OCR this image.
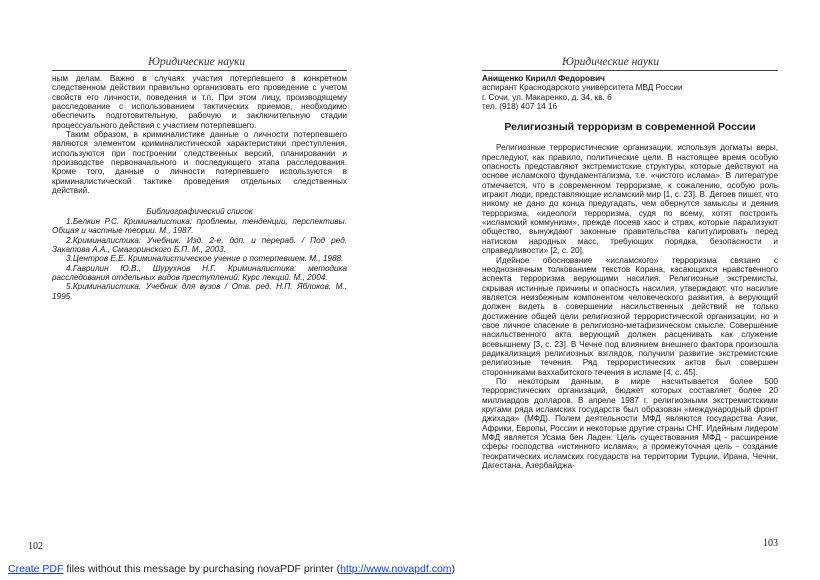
Юридические науки

ным делам. Важно в случаях участия потерпевшего в конкретном следственном действии правильно организовать его проведение с учетом свойств его личности, поведения и т.п. При этом лицу, производящему расследование с использованием тактических приемов, необходимо обеспечить подготовительную, рабочую и заключительную стадии процессуального действия с участием потерпевшего.

Таким образом, в криминалистике данные о личности потерпевшего являются элементом криминалистической характеристики преступления, используются при построении следственных версий, планировании и производстве первоначального и последующего этапа расследования. Кроме того, данные о личности потерпевшего используются в криминалистической тактике проведения отдельных следственных действий.

Библиографический список

1.Белкин Р.С. Криминалистика: проблемы, тенденции, перспективы. Общая и частные теории. М., 1987.

2.Криминалистика: Учебник. Изд. 2-е, доп. и перераб. / Под ред. Закатова А.А., Смагоринского Б.П. М., 2003.

3.Центров Е.Е. Криминалистическое учение о потерпевшем. М., 1988.

4.Гаврилин Ю.В., Шурухнов Н.Г. Криминалистика: методика расследования отдельных видов преступлений: Курс лекций. М., 2004.

5.Криминалистика. Учебник для вузов / Отв. ред. Н.П. Яблоков. М., 1995.

102
Юридические науки

Анищенко Кирилл Федорович

аспирант Краснодарского университета МВД России

г. Сочи, ул. Макаренко, д. 34, кв. 6

тел. (918) 407 14 16

Религиозный терроризм в современной России

Религиозные террористические организации, используя догматы веры, преследуют, как правило, политические цели. В настоящее время особую опасность представляют экстремистские структуры, которые действуют на основе исламского фундаментализма, т.е. «чистого ислама». В литературе отмечается, что в современном терроризме, к сожалению, особую роль играют люди, представляющие исламский мир [1, с. 23]. В. Дегоев пишет, что никому не дано до конца предугадать, чем обернутся замыслы и деяния терроризма, «идеологи терроризма, судя по всему, хотят построить «исламский коммунизм», прежде посеяв хаос и страх, которые парализуют общество, вынуждают законные правительства капитулировать перед натиском народных масс, требующих порядка, безопасности и справедливости» [2, с. 20].

Идейное обоснование «исламского» терроризма связано с неоднозначным толкованием текстов Корана, касающихся нравственного аспекта терроризма верующими насилия. Религиозные экстремисты, скрывая истинные причины и опасность насилия, утверждают, что насилие является неизбежным компонентом человеческого развития, а верующий должен видеть в совершении насильственных действий не только достижение общей цели религиозной террористической организации, но и свое личное спасение в религиозно-метафизическом смысле. Совершение насильственного акта верующий должен расценивать как служение всевышнему [3, с. 23]. В Чечне под влиянием внешнего фактора произошла радикализация религиозных взглядов, получили развитие экстремистские религиозные течения. Ряд террористических актов был совершен сторонниками ваххабитского течения в исламе [4, с. 45].

По некоторым данным, в мире насчитывается более 500 террористических организаций, бюджет которых составляет более 20 миллиардов долларов. В апреле 1987 г. религиозными экстремистскими кругами ряда исламских государств был образован «международный фронт джихада» (МФД). Полем деятельности МФД являются государства Азии, Африки, Европы, России и некоторые другие страны СНГ. Идейным лидером МФД является Усама бен Ладен. Цель существования МФД - расширение сферы господства «истинного ислама», а промежуточная цель - создание теократических исламских государств на территории Турции, Ирана, Чечни, Дагестана, Азербайджа-

103
Create PDF files without this message by purchasing novaPDF printer (http://www.novapdf.com)
